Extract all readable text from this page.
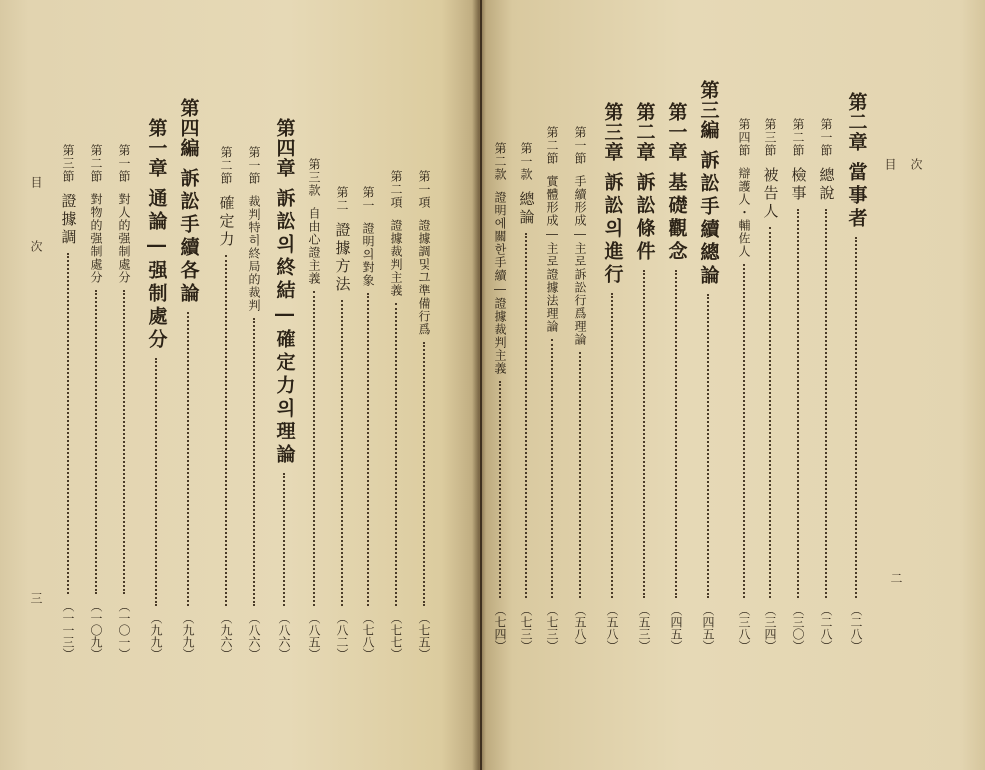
目 次
二
目
次
三
第二章
當事者
（二八）
第一節
總說
（二八）
第二節
檢事
（三〇）
第三節
被告人
（三四）
第四節
辯護人・輔佐人
（三八）
第三編
訴訟手續總論
（四五）
第一章
基礎觀念
（四五）
第二章
訴訟條件
（五三）
第三章
訴訟의進行
（五八）
第一節
手續形成―主로訴訟行爲理論
（五八）
第二節
實體形成―主로證據法理論
（七三）
第一款
總論
（七三）
第二款
證明에關한手續―證據裁判主義
（七四）
第一項
證據調및그準備行爲
（七五）
第二項
證據裁判主義
（七七）
第一
證明의對象
（七八）
第二
證據方法
（八二）
第三款
自由心證主義
（八五）
第四章
訴訟의終結―確定力의理論
（八六）
第一節
裁判特히終局的裁判
（八六）
第二節
確定力
（九六）
第四編
訴訟手續各論
（九九）
第一章
通論―强制處分
（九九）
第一節
對人的强制處分
（一〇一）
第二節
對物的强制處分
（一〇九）
第三節
證據調
（一一三）
